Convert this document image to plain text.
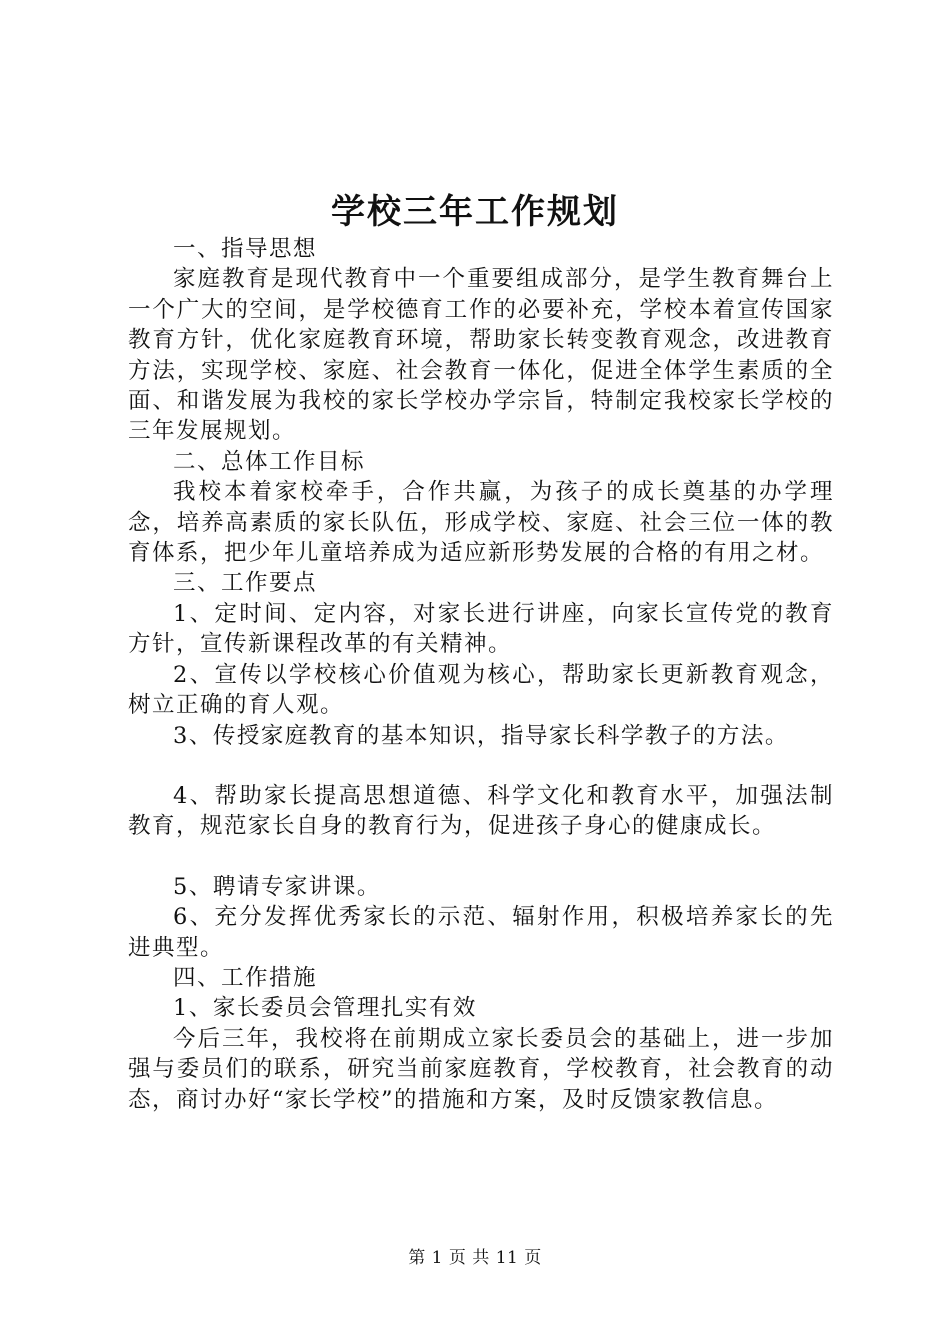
学校三年工作规划

一、指导思想

家庭教育是现代教育中一个重要组成部分，是学生教育舞台上一个广大的空间，是学校德育工作的必要补充，学校本着宣传国家教育方针，优化家庭教育环境，帮助家长转变教育观念，改进教育方法，实现学校、家庭、社会教育一体化，促进全体学生素质的全面、和谐发展为我校的家长学校办学宗旨，特制定我校家长学校的三年发展规划。

二、总体工作目标

我校本着家校牵手，合作共赢，为孩子的成长奠基的办学理念，培养高素质的家长队伍，形成学校、家庭、社会三位一体的教育体系，把少年儿童培养成为适应新形势发展的合格的有用之材。

三、工作要点

1、定时间、定内容，对家长进行讲座，向家长宣传党的教育方针，宣传新课程改革的有关精神。

2、宣传以学校核心价值观为核心，帮助家长更新教育观念，树立正确的育人观。

3、传授家庭教育的基本知识，指导家长科学教子的方法。

4、帮助家长提高思想道德、科学文化和教育水平，加强法制教育，规范家长自身的教育行为，促进孩子身心的健康成长。

5、聘请专家讲课。

6、充分发挥优秀家长的示范、辐射作用，积极培养家长的先进典型。

四、工作措施

1、家长委员会管理扎实有效

今后三年，我校将在前期成立家长委员会的基础上，进一步加强与委员们的联系，研究当前家庭教育，学校教育，社会教育的动态，商讨办好“家长学校”的措施和方案，及时反馈家教信息。

第 1 页 共 11 页
